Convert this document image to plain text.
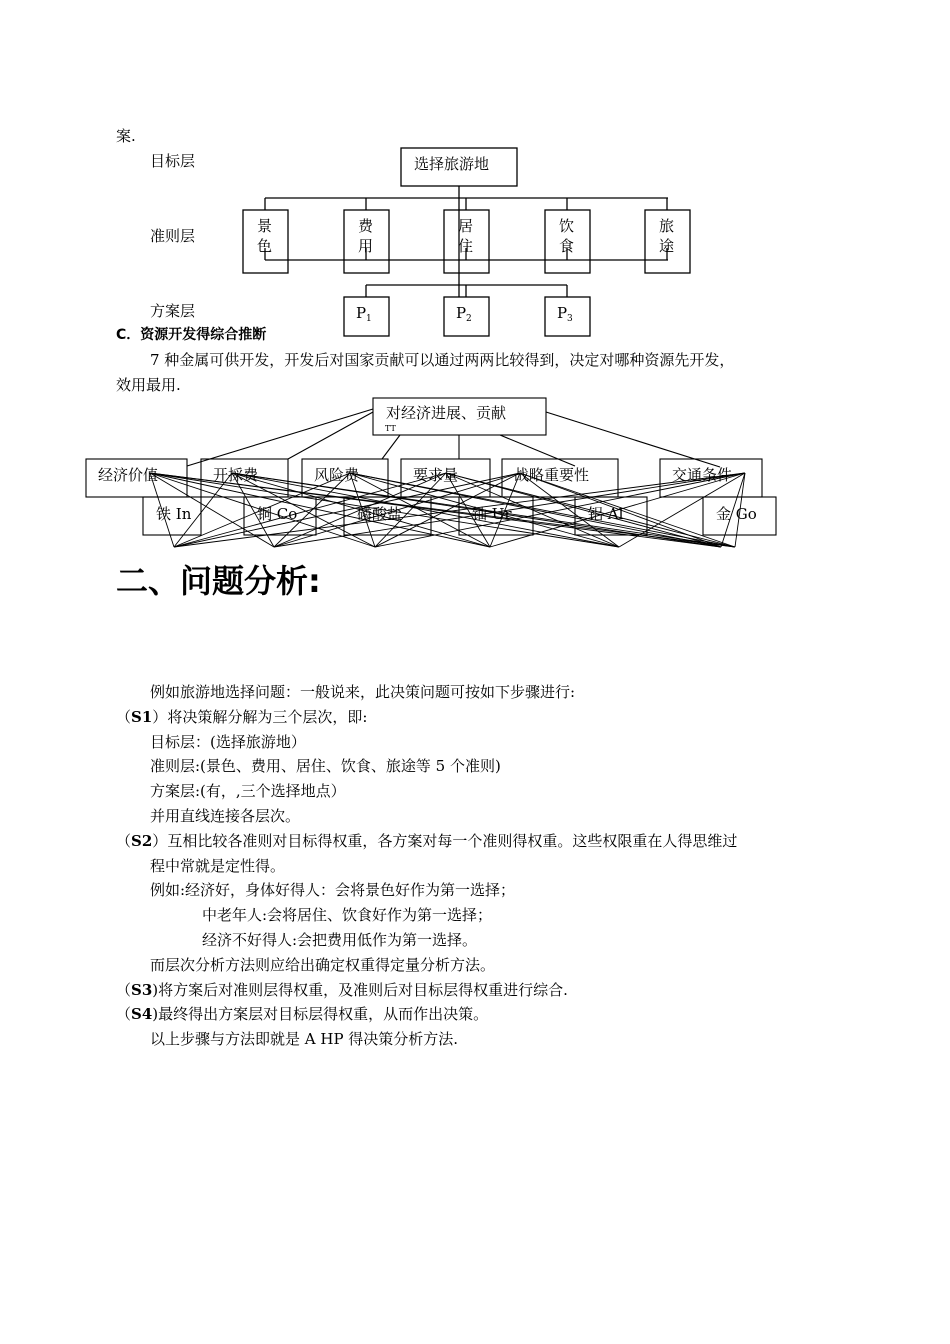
案.
目标层
准则层
方案层
选择旅游地
对经济进展、贡献
TT
景
色
费
用
居
住
饮
食
旅
途
P 1	P 2	P 3
铁 In	铜 Co	磷酸盐	铀 Ur	铝 Al	金 Go
经济价值	开採费	风险费	要求量	战略重要性	交通条件
C．资源开发得综合推断
7 种金属可供开发，开发后对国家贡献可以通过两两比较得到，决定对哪种资源先开发，
效用最用.
二、问题分析:
例如旅游地选择问题：一般说来，此决策问题可按如下步骤进行:
（S1）将决策解分解为三个层次，即:
目标层：(选择旅游地）
准则层:(景色、费用、居住、饮食、旅途等 5 个准则)
方案层:(有，,三个选择地点）
并用直线连接各层次。
（S2）互相比较各准则对目标得权重，各方案对每一个准则得权重。这些权限重在人得思维过
程中常就是定性得。
例如:经济好，身体好得人：会将景色好作为第一选择；
中老年人:会将居住、饮食好作为第一选择；
经济不好得人:会把费用低作为第一选择。
而层次分析方法则应给出确定权重得定量分析方法。
（S3)将方案后对准则层得权重，及准则后对目标层得权重进行综合.
（S4)最终得出方案层对目标层得权重，从而作出决策。
以上步骤与方法即就是 A HP 得决策分析方法.
